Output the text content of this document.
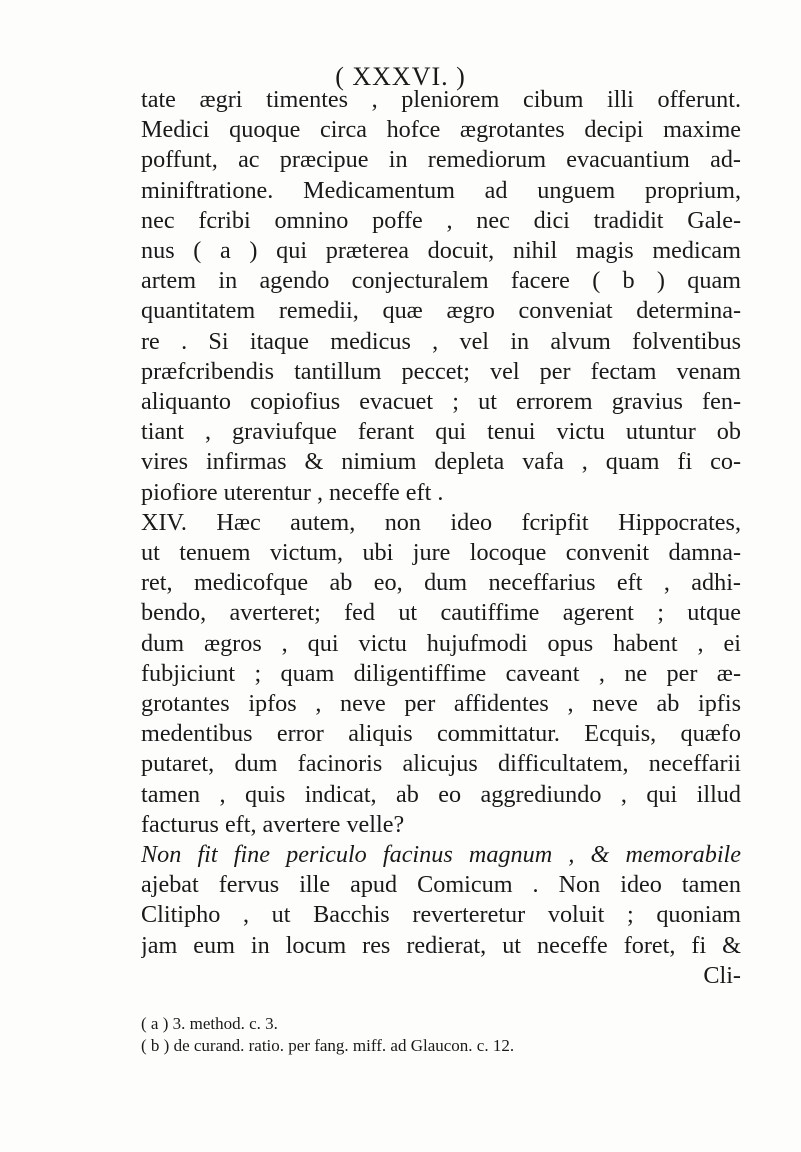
( XXXVI. )
tate ægri timentes , pleniorem cibum illi offerunt.
Medici quoque circa hofce ægrotantes decipi maxime
poffunt, ac præcipue in remediorum evacuantium ad-
miniftratione. Medicamentum ad unguem proprium,
nec fcribi omnino poffe , nec dici tradidit Gale-
nus ( a ) qui præterea docuit, nihil magis medicam
artem in agendo conjecturalem facere ( b ) quam
quantitatem remedii, quæ ægro conveniat determina-
re . Si itaque medicus , vel in alvum folventibus
præfcribendis tantillum peccet; vel per fectam venam
aliquanto copiofius evacuet ; ut errorem gravius fen-
tiant , graviufque ferant qui tenui victu utuntur ob
vires infirmas & nimium depleta vafa , quam fi co-
piofiore uterentur , neceffe eft .
XIV. Hæc autem, non ideo fcripfit Hippocrates,
ut tenuem victum, ubi jure locoque convenit damna-
ret, medicofque ab eo, dum neceffarius eft , adhi-
bendo, averteret; fed ut cautiffime agerent ; utque
dum ægros , qui victu hujufmodi opus habent , ei
fubjiciunt ; quam diligentiffime caveant , ne per æ-
grotantes ipfos , neve per affidentes , neve ab ipfis
medentibus error aliquis committatur. Ecquis, quæfo
putaret, dum facinoris alicujus difficultatem, neceffarii
tamen , quis indicat, ab eo aggrediundo , qui illud
facturus eft, avertere velle?
Non fit fine periculo facinus magnum , & memorabile
ajebat fervus ille apud Comicum . Non ideo tamen
Clitipho , ut Bacchis reverteretur voluit ; quoniam
jam eum in locum res redierat, ut neceffe foret, fi &
Cli-
( a ) 3. method. c. 3.
( b ) de curand. ratio. per fang. miff. ad Glaucon. c. 12.
